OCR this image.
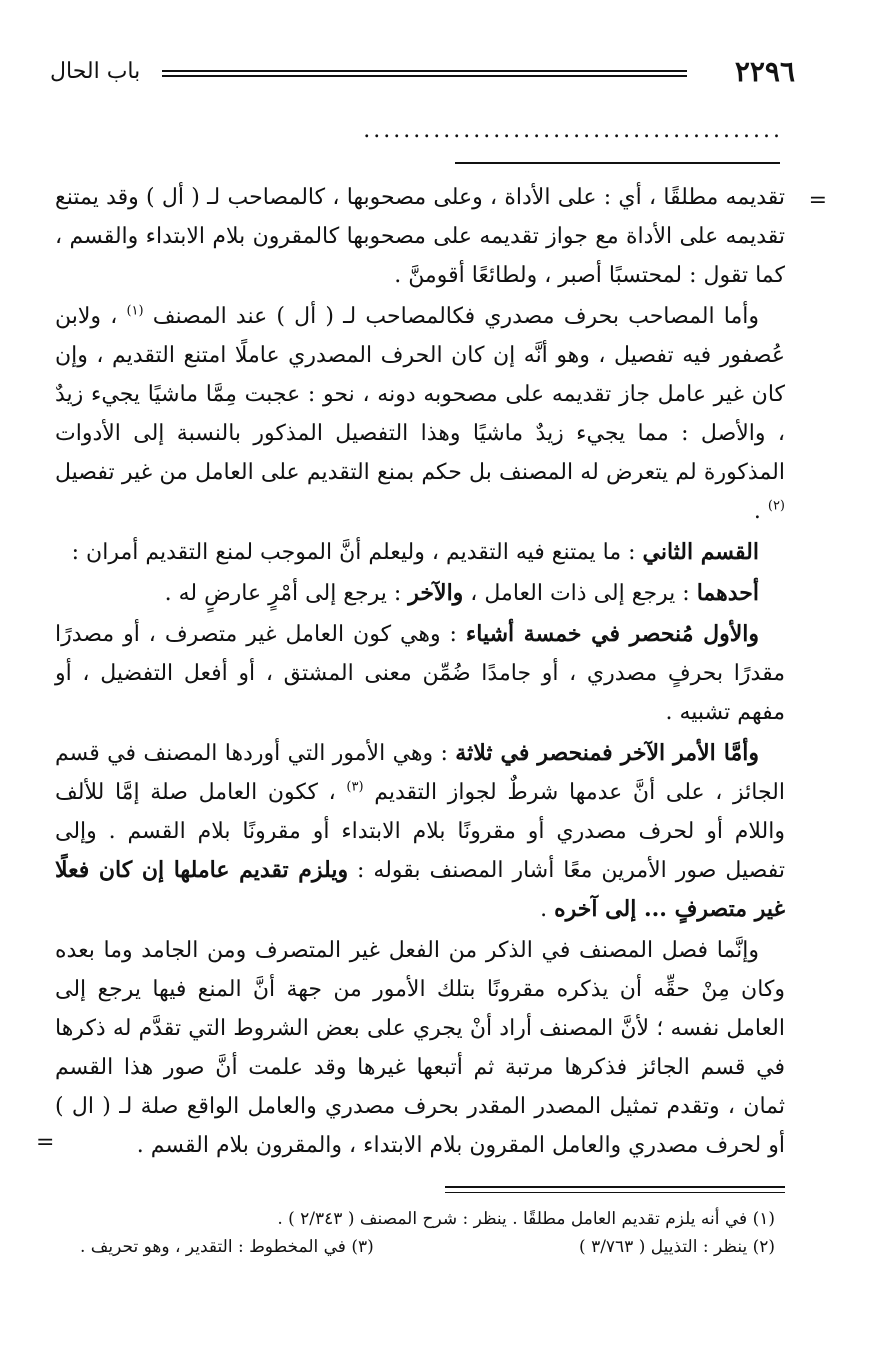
٢٢٩٦
باب الحال
..........................................
=
=

تقديمه مطلقًا ، أي : على الأداة ، وعلى مصحوبها ، كالمصاحب لـ ( أل ) وقد يمتنع تقديمه على الأداة مع جواز تقديمه على مصحوبها كالمقرون بلام الابتداء والقسم ، كما تقول : لمحتسبًا أصبر ، ولطائعًا أقومنَّ .

وأما المصاحب بحرف مصدري فكالمصاحب لـ ( أل ) عند المصنف $^{(١)}$ ، ولابن عُصفور فيه تفصيل ، وهو أنَّه إن كان الحرف المصدري عاملًا امتنع التقديم ، وإن كان غير عامل جاز تقديمه على مصحوبه دونه ، نحو : عجبت مِمَّا ماشيًا يجيء زيدٌ ، والأصل : مما يجيء زيدٌ ماشيًا وهذا التفصيل المذكور بالنسبة إلى الأدوات المذكورة لم يتعرض له المصنف بل حكم بمنع التقديم على العامل من غير تفصيل $^{(٢)}$ .

القسم الثاني : ما يمتنع فيه التقديم ، وليعلم أنَّ الموجب لمنع التقديم أمران :

أحدهما : يرجع إلى ذات العامل ، والآخر : يرجع إلى أمْرٍ عارضٍ له .

والأول مُنحصر في خمسة أشياء : وهي كون العامل غير متصرف ، أو مصدرًا مقدرًا بحرفٍ مصدري ، أو جامدًا ضُمِّن معنى المشتق ، أو أفعل التفضيل ، أو مفهم تشبيه .

وأمَّا الأمر الآخر فمنحصر في ثلاثة : وهي الأمور التي أوردها المصنف في قسم الجائز ، على أنَّ عدمها شرطٌ لجواز التقديم $^{(٣)}$ ، ككون العامل صلة إمَّا للألف واللام أو لحرف مصدري أو مقرونًا بلام الابتداء أو مقرونًا بلام القسم . وإلى تفصيل صور الأمرين معًا أشار المصنف بقوله : ويلزم تقديم عاملها إن كان فعلًا غير متصرفٍ ... إلى آخره .

وإنَّما فصل المصنف في الذكر من الفعل غير المتصرف ومن الجامد وما بعده وكان مِنْ حقِّه أن يذكره مقرونًا بتلك الأمور من جهة أنَّ المنع فيها يرجع إلى العامل نفسه ؛ لأنَّ المصنف أراد أنْ يجري على بعض الشروط التي تقدَّم له ذكرها في قسم الجائز فذكرها مرتبة ثم أتبعها غيرها وقد علمت أنَّ صور هذا القسم ثمان ، وتقدم تمثيل المصدر المقدر بحرف مصدري والعامل الواقع صلة لـ ( ال ) أو لحرف مصدري والعامل المقرون بلام الابتداء ، والمقرون بلام القسم .

(١) في أنه يلزم تقديم العامل مطلقًا . ينظر : شرح المصنف ( ٢/٣٤٣ ) .
(٢) ينظر : التذييل ( ٣/٧٦٣ )
(٣) في المخطوط : التقدير ، وهو تحريف .
